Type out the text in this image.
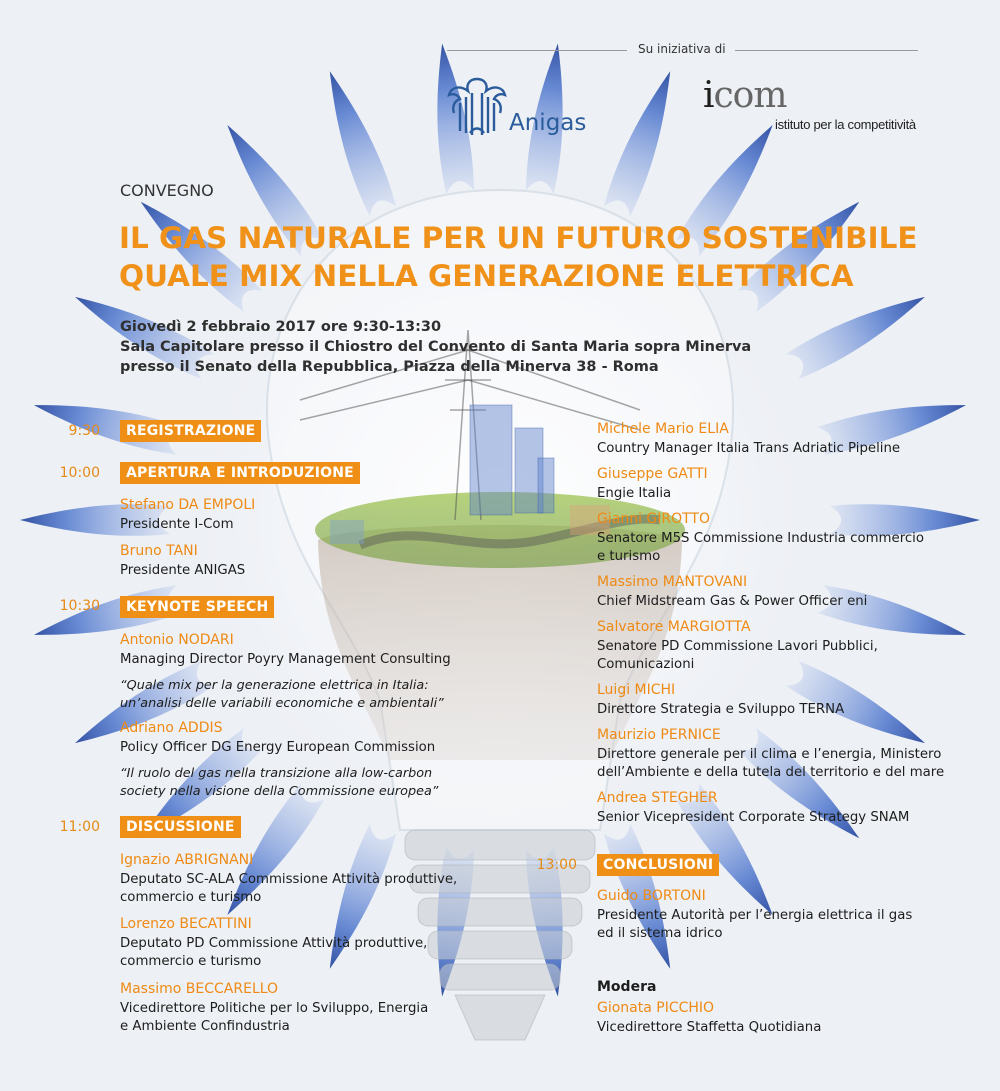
Su iniziativa di
Anigas
icom
istituto per la competitività
CONVEGNO
IL GAS NATURALE PER UN FUTURO SOSTENIBILE
QUALE MIX NELLA GENERAZIONE ELETTRICA
Giovedì 2 febbraio 2017 ore 9:30-13:30
Sala Capitolare presso il Chiostro del Convento di Santa Maria sopra Minerva
presso il Senato della Repubblica, Piazza della Minerva 38 - Roma
9:30	REGISTRAZIONE
10:00	APERTURA E INTRODUZIONE
Stefano DA EMPOLI
Presidente I-Com
Bruno TANI
Presidente ANIGAS
10:30	KEYNOTE SPEECH
Antonio NODARI
Managing Director Poyry Management Consulting
“Quale mix per la generazione elettrica in Italia:
un’analisi delle variabili economiche e ambientali”
Adriano ADDIS
Policy Officer DG Energy European Commission
“Il ruolo del gas nella transizione alla low-carbon
society nella visione della Commissione europea”
11:00	DISCUSSIONE
Ignazio ABRIGNANI
Deputato SC-ALA Commissione Attività produttive,
commercio e turismo
Lorenzo BECATTINI
Deputato PD Commissione Attività produttive,
commercio e turismo
Massimo BECCARELLO
Vicedirettore Politiche per lo Sviluppo, Energia
e Ambiente Confindustria
Michele Mario ELIA
Country Manager Italia Trans Adriatic Pipeline
Giuseppe GATTI
Engie Italia
Gianni GIROTTO
Senatore M5S Commissione Industria commercio
e turismo
Massimo MANTOVANI
Chief Midstream Gas & Power Officer eni
Salvatore MARGIOTTA
Senatore PD Commissione Lavori Pubblici,
Comunicazioni
Luigi MICHI
Direttore Strategia e Sviluppo TERNA
Maurizio PERNICE
Direttore generale per il clima e l’energia, Ministero
dell’Ambiente e della tutela del territorio e del mare
Andrea STEGHER
Senior Vicepresident Corporate Strategy SNAM
13:00	CONCLUSIONI
Guido BORTONI
Presidente Autorità per l’energia elettrica il gas
ed il sistema idrico
Modera
Gionata PICCHIO
Vicedirettore Staffetta Quotidiana
